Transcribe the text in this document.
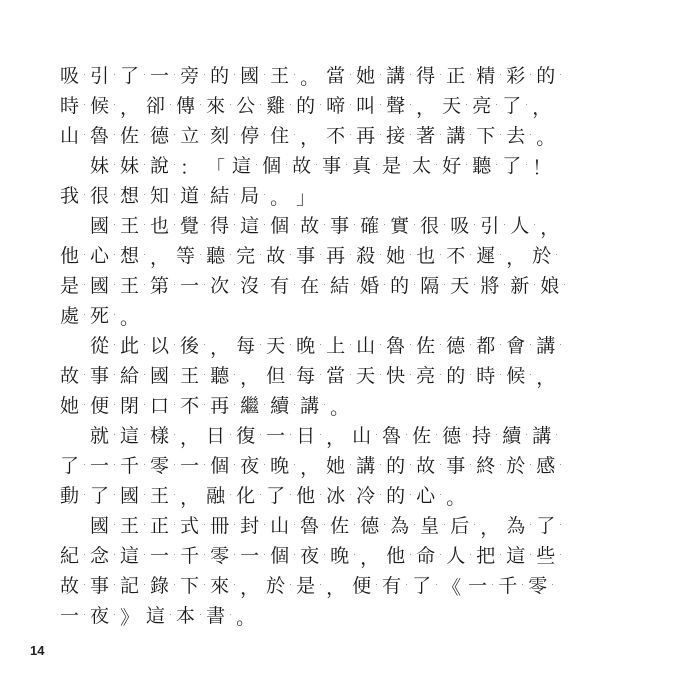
吸 · 引 · 了 · 一 · 旁 · 的 · 國 · 王 · 。 當 · 她 · 講 · 得 · 正 · 精 · 彩 · 的 ·
時 · 候 · ， 卻 · 傳 · 來 · 公 · 雞 · 的 · 啼 · 叫 · 聲 · ， 天 · 亮 · 了 · ，
山 · 魯 · 佐 · 德 · 立 · 刻 · 停 · 住 · ， 不 · 再 · 接 · 著 · 講 · 下 · 去 · 。
妹 · 妹 · 說 · ： 「 這 · 個 · 故 · 事 · 真 · 是 · 太 · 好 · 聽 · 了 · ！
我 · 很 · 想 · 知 · 道 · 結 · 局 · 。 」
國 · 王 · 也 · 覺 · 得 · 這 · 個 · 故 · 事 · 確 · 實 · 很 · 吸 · 引 · 人 · ，
他 · 心 · 想 · ， 等 · 聽 · 完 · 故 · 事 · 再 · 殺 · 她 · 也 · 不 · 遲 · ， 於 ·
是 · 國 · 王 · 第 · 一 · 次 · 沒 · 有 · 在 · 結 · 婚 · 的 · 隔 · 天 · 將 · 新 · 娘 ·
處 · 死 · 。
從 · 此 · 以 · 後 · ， 每 · 天 · 晚 · 上 · 山 · 魯 · 佐 · 德 · 都 · 會 · 講 ·
故 · 事 · 給 · 國 · 王 · 聽 · ， 但 · 每 · 當 · 天 · 快 · 亮 · 的 · 時 · 候 · ，
她 · 便 · 閉 · 口 · 不 · 再 · 繼 · 續 · 講 · 。
就 · 這 · 樣 · ， 日 · 復 · 一 · 日 · ， 山 · 魯 · 佐 · 德 · 持 · 續 · 講 ·
了 · 一 · 千 · 零 · 一 · 個 · 夜 · 晚 · ， 她 · 講 · 的 · 故 · 事 · 終 · 於 · 感 ·
動 · 了 · 國 · 王 · ， 融 · 化 · 了 · 他 · 冰 · 冷 · 的 · 心 · 。
國 · 王 · 正 · 式 · 冊 · 封 · 山 · 魯 · 佐 · 德 · 為 · 皇 · 后 · ， 為 · 了 ·
紀 · 念 · 這 · 一 · 千 · 零 · 一 · 個 · 夜 · 晚 · ， 他 · 命 · 人 · 把 · 這 · 些 ·
故 · 事 · 記 · 錄 · 下 · 來 · ， 於 · 是 · ， 便 · 有 · 了 · 《 一 · 千 · 零 ·
一 · 夜 · 》 這 · 本 · 書 · 。
14
